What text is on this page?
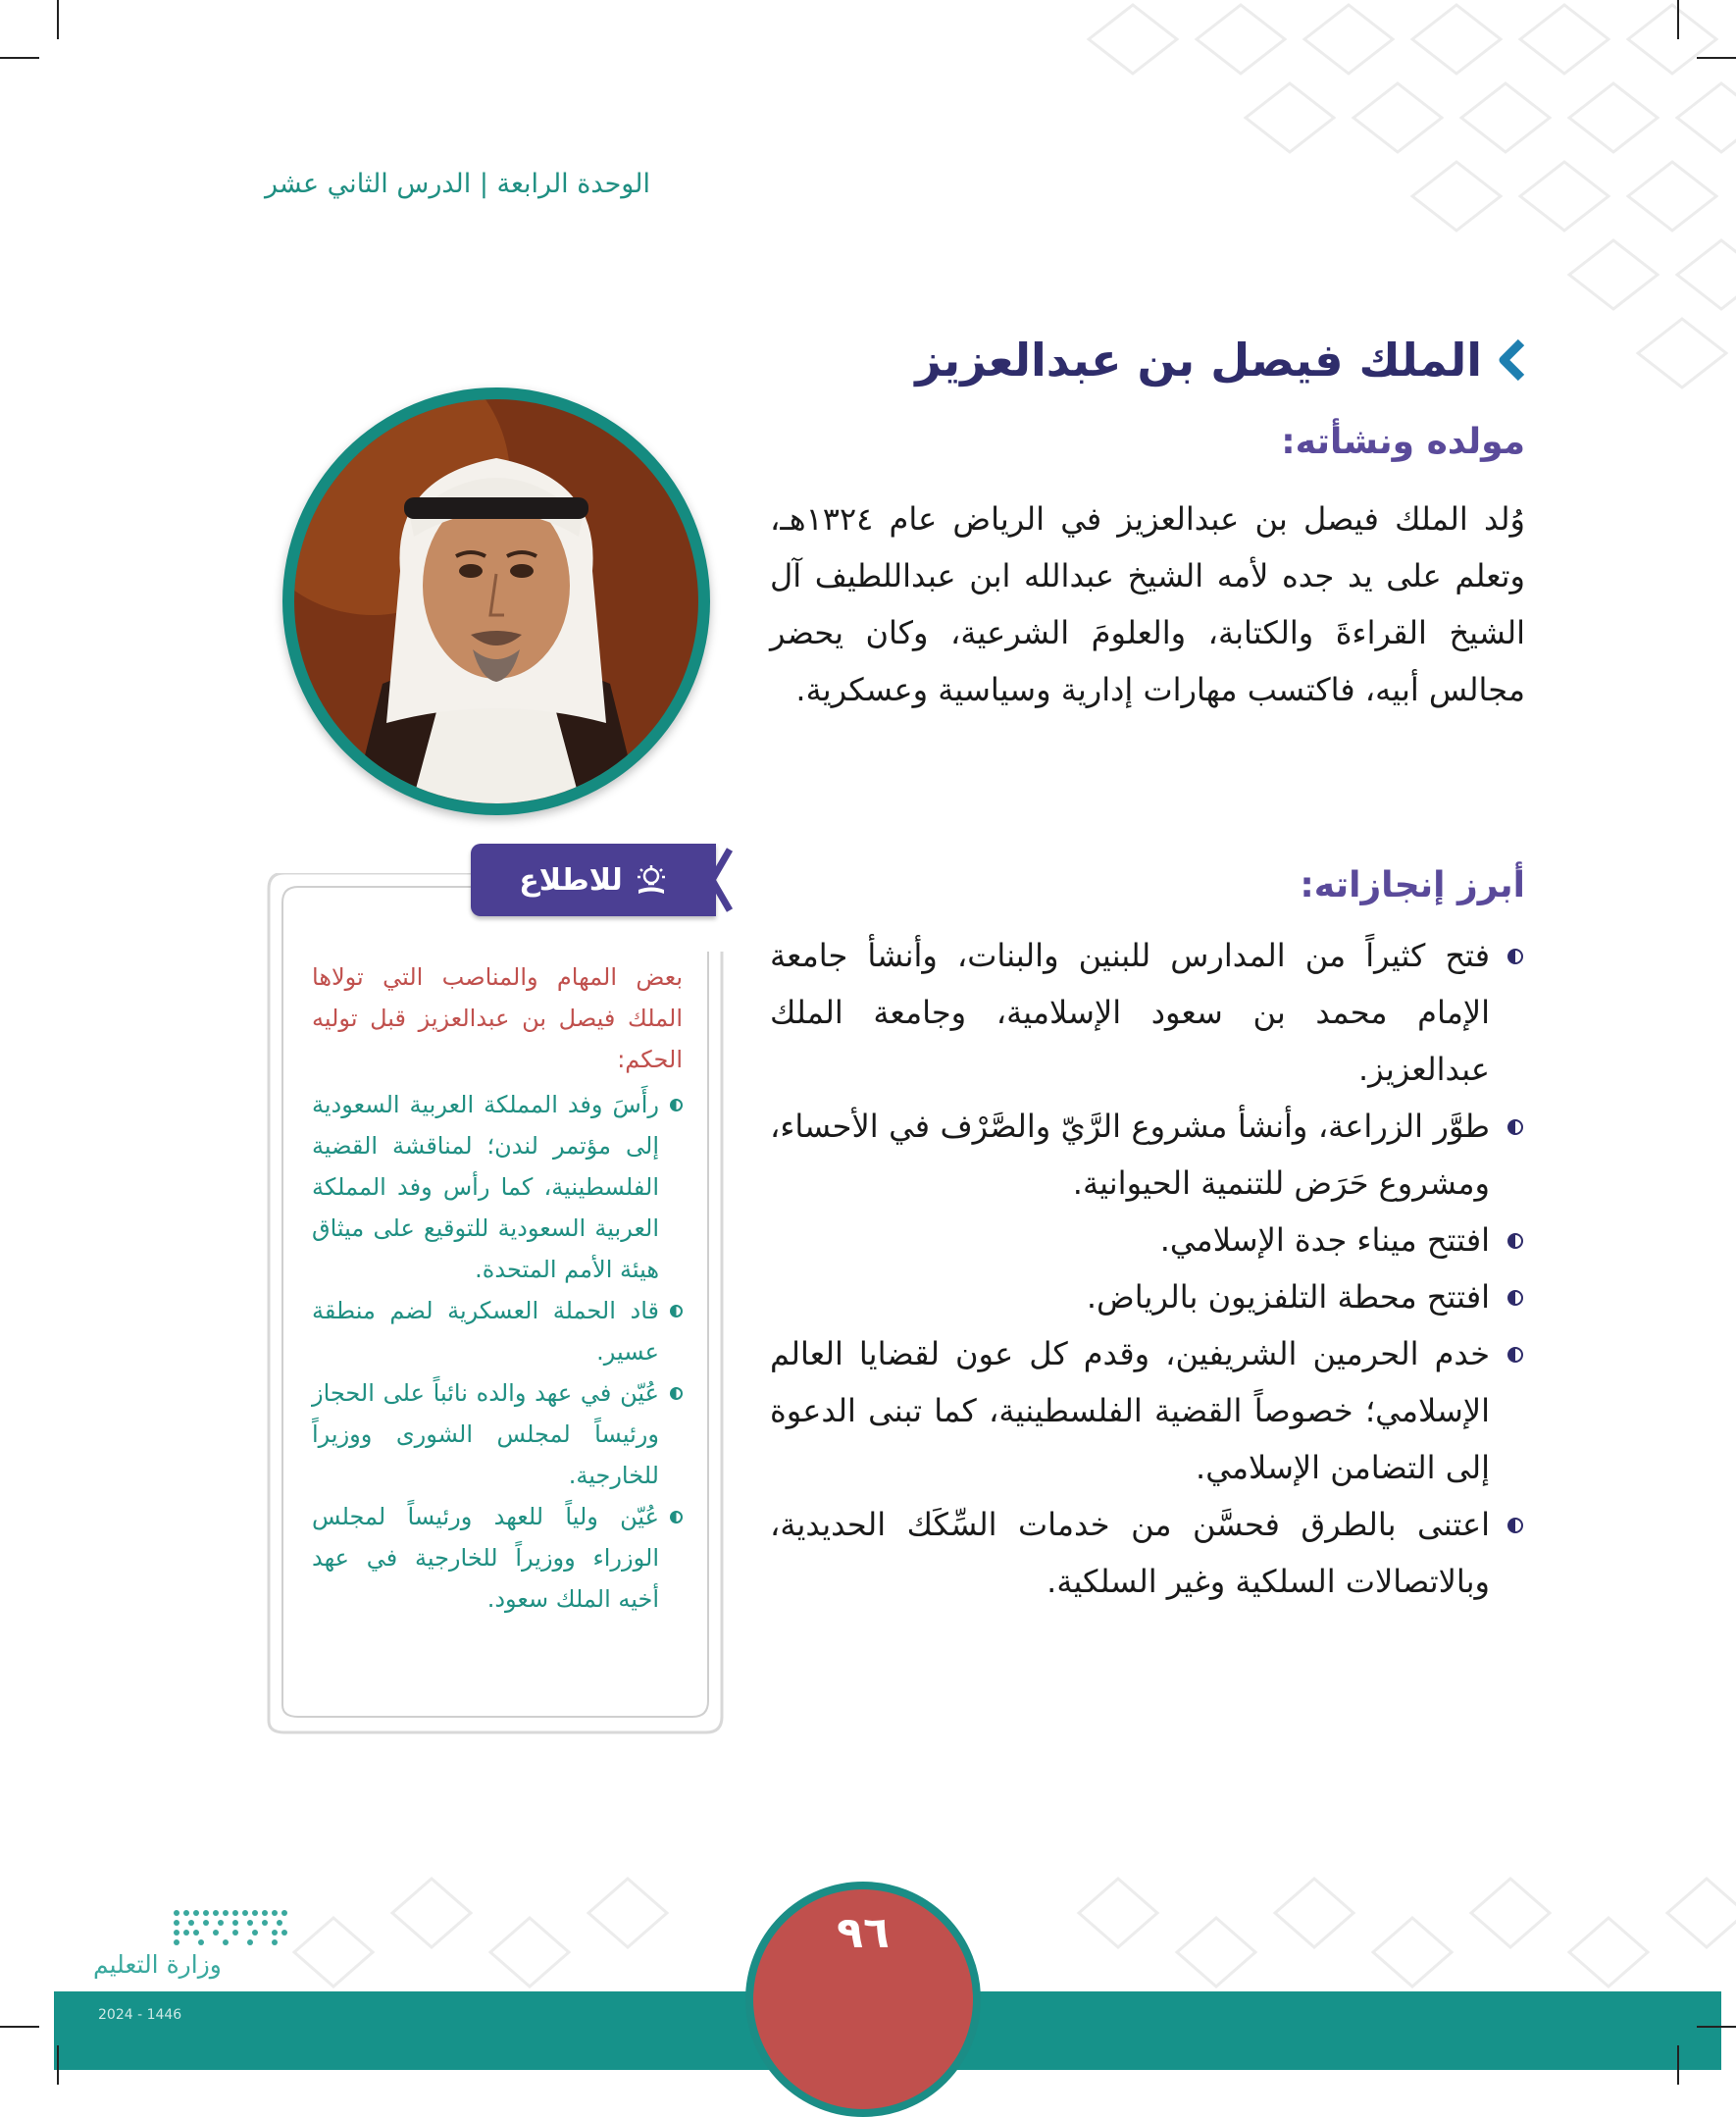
الوحدة الرابعة | الدرس الثاني عشر
الملك فيصل بن عبدالعزيز
مولده ونشأته:

وُلد الملك فيصل بن عبدالعزيز في الرياض عام ١٣٢٤هـ، وتعلم على يد جده لأمه الشيخ عبدالله ابن عبداللطيف آل الشيخ القراءةَ والكتابة، والعلومَ الشرعية، وكان يحضر مجالس أبيه، فاكتسب مهارات إدارية وسياسية وعسكرية.

أبرز إنجازاته:
فتح كثيراً من المدارس للبنين والبنات، وأنشأ جامعة الإمام محمد بن سعود الإسلامية، وجامعة الملك عبدالعزيز.
طوَّر الزراعة، وأنشأ مشروع الرَّيّ والصَّرْف في الأحساء، ومشروع حَرَض للتنمية الحيوانية.
افتتح ميناء جدة الإسلامي.
افتتح محطة التلفزيون بالرياض.
خدم الحرمين الشريفين، وقدم كل عون لقضايا العالم الإسلامي؛ خصوصاً القضية الفلسطينية، كما تبنى الدعوة إلى التضامن الإسلامي.
اعتنى بالطرق فحسَّن من خدمات السِّكَك الحديدية، وبالاتصالات السلكية وغير السلكية.
للاطلاع

بعض المهام والمناصب التي تولاها الملك فيصل بن عبدالعزيز قبل توليه الحكم:

رأَسَ وفد المملكة العربية السعودية إلى مؤتمر لندن؛ لمناقشة القضية الفلسطينية، كما رأس وفد المملكة العربية السعودية للتوقيع على ميثاق هيئة الأمم المتحدة.
قاد الحملة العسكرية لضم منطقة عسير.
عُيّن في عهد والده نائباً على الحجاز ورئيساً لمجلس الشورى ووزيراً للخارجية.
عُيّن ولياً للعهد ورئيساً لمجلس الوزراء ووزيراً للخارجية في عهد أخيه الملك سعود.
٩٦
وزارة التعليم
2024 - 1446
